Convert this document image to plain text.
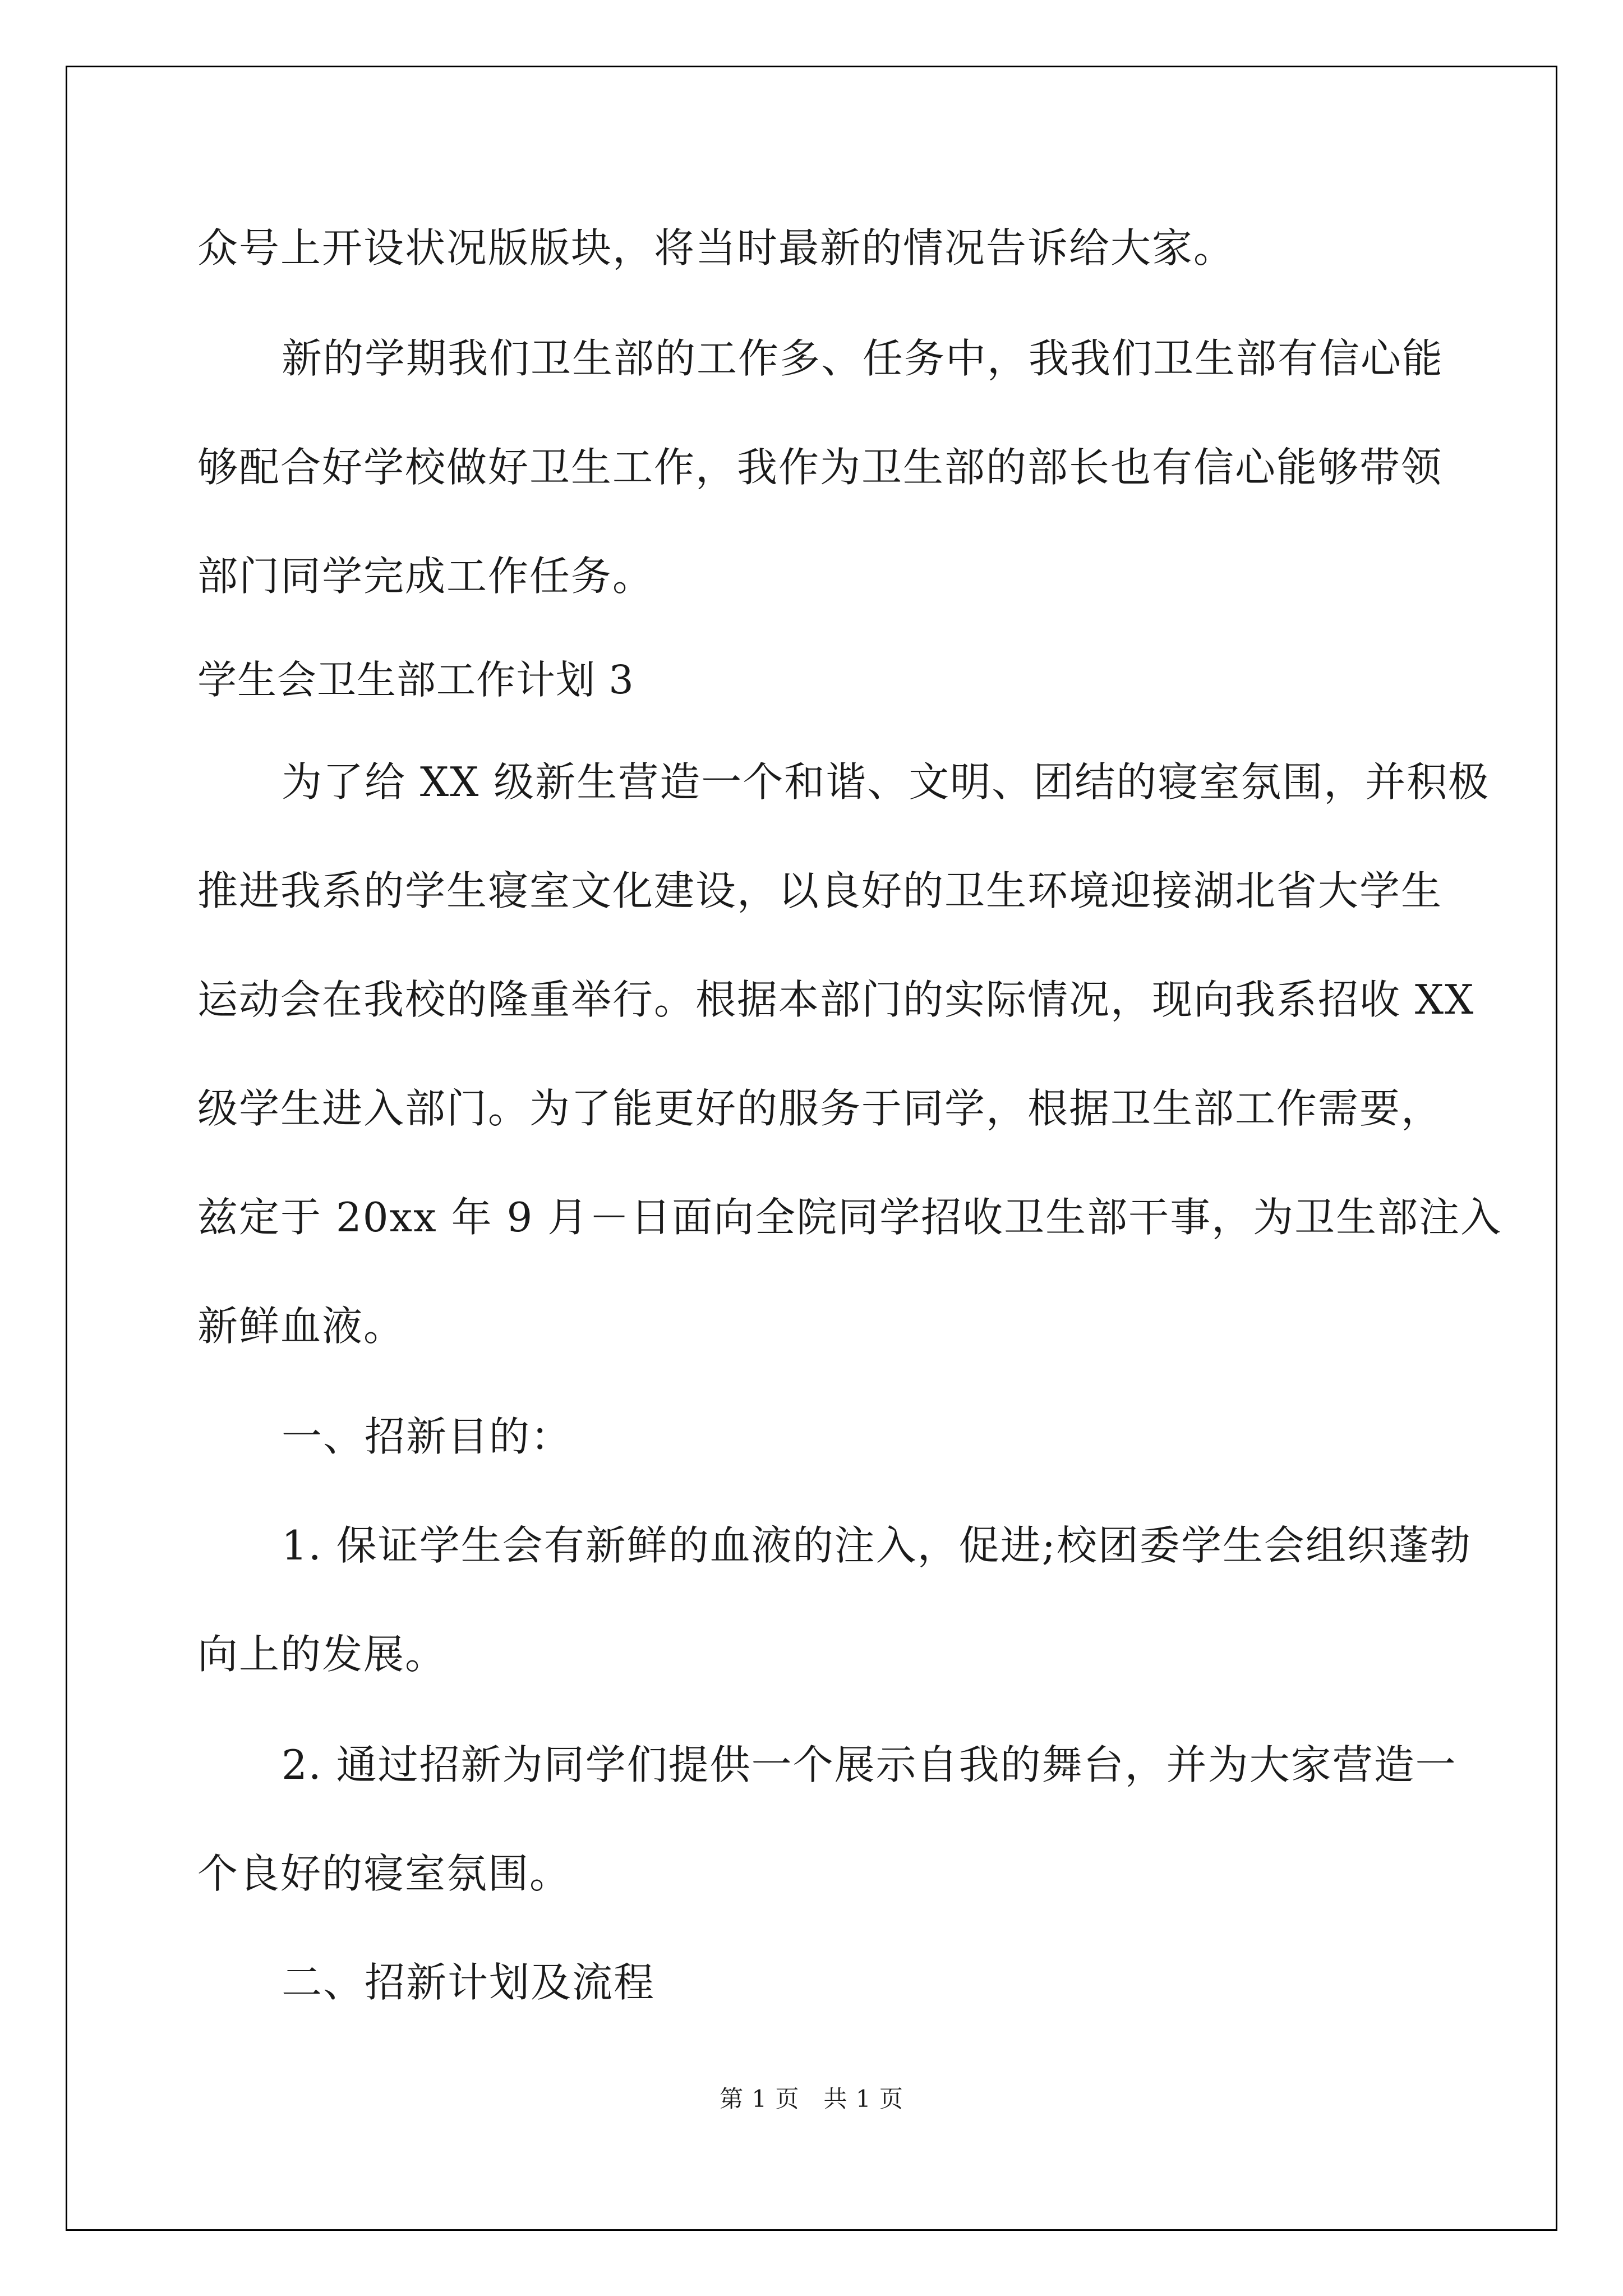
众号上开设状况版版块，将当时最新的情况告诉给大家。
新的学期我们卫生部的工作多、任务中，我我们卫生部有信心能
够配合好学校做好卫生工作，我作为卫生部的部长也有信心能够带领
部门同学完成工作任务。
学生会卫生部工作计划 3
为了给 XX 级新生营造一个和谐、文明、团结的寝室氛围，并积极
推进我系的学生寝室文化建设，以良好的卫生环境迎接湖北省大学生
运动会在我校的隆重举行。根据本部门的实际情况，现向我系招收 XX
级学生进入部门。为了能更好的服务于同学，根据卫生部工作需要，
兹定于 20xx 年 9 月－日面向全院同学招收卫生部干事，为卫生部注入
新鲜血液。
一、招新目的：
1. 保证学生会有新鲜的血液的注入，促进;校团委学生会组织蓬勃
向上的发展。
2. 通过招新为同学们提供一个展示自我的舞台，并为大家营造一
个良好的寝室氛围。
二、招新计划及流程
第 1 页　共 1 页
